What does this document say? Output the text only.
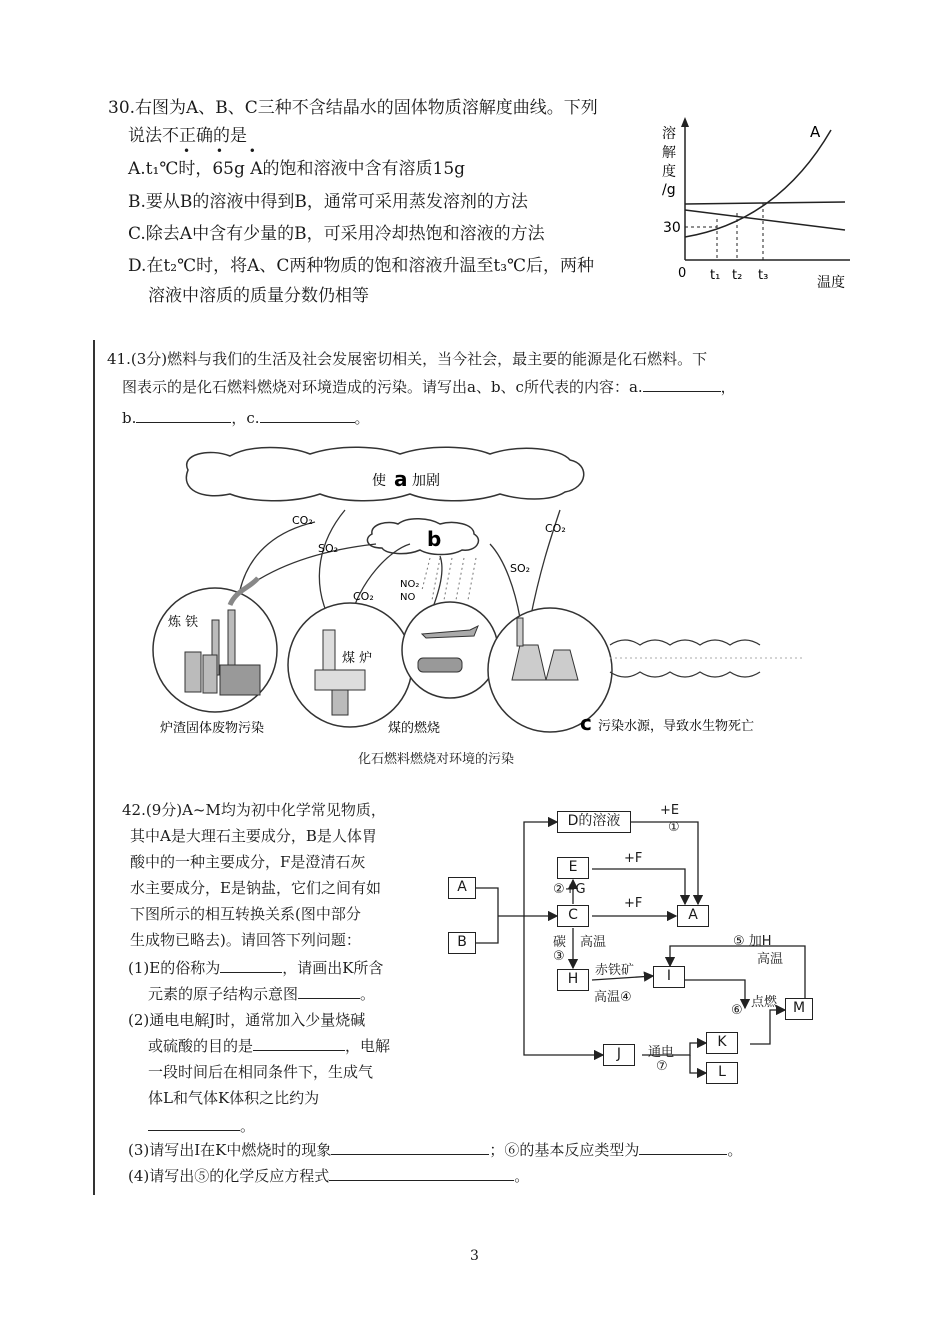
30.右图为A、B、C三种不含结晶水的固体物质溶解度曲线。下列
说法不正确的是
• • •
A.t₁℃时，65g A的饱和溶液中含有溶质15g
B.要从B的溶液中得到B，通常可采用蒸发溶剂的方法
C.除去A中含有少量的B，可采用冷却热饱和溶液的方法
D.在t₂℃时，将A、C两种物质的饱和溶液升温至t₃℃后，两种
溶液中溶质的质量分数仍相等
溶
解
度
/g
A
30
0 t₁ t₂ t₃	温度
41.(3分)燃料与我们的生活及社会发展密切相关，当今社会，最主要的能源是化石燃料。下
图表示的是化石燃料燃烧对环境造成的污染。请写出a、b、c所代表的内容：a.	，
b.	，c.	。
使 a 加剧
b
CO₂
SO₂
CO₂
NO₂
NO
SO₂
CO₂
炼 铁
煤 炉
炉渣固体废物污染	煤的燃烧	c 污染水源，导致水生物死亡
化石燃料燃烧对环境的污染
42.(9分)A~M均为初中化学常见物质，
其中A是大理石主要成分，B是人体胃
酸中的一种主要成分，F是澄清石灰
水主要成分，E是钠盐，它们之间有如
下图所示的相互转换关系(图中部分
生成物已略去)。请回答下列问题：
(1)E的俗称为	，请画出K所含
元素的原子结构示意图	。
(2)通电电解J时，通常加入少量烧碱
或硫酸的目的是	，电解
一段时间后在相同条件下，生成气
体L和气体K体积之比约为
。
(3)请写出I在K中燃烧时的现象	；⑥的基本反应类型为	。
(4)请写出⑤的化学反应方程式	。
A
B
D的溶液
E
C	A
H	I
M
J
K
L
+E
①
+F
②+G
+F
碳 高温
③
赤铁矿
高温④
⑤ 加H
高温
⑥
点燃
通电
⑦
3
